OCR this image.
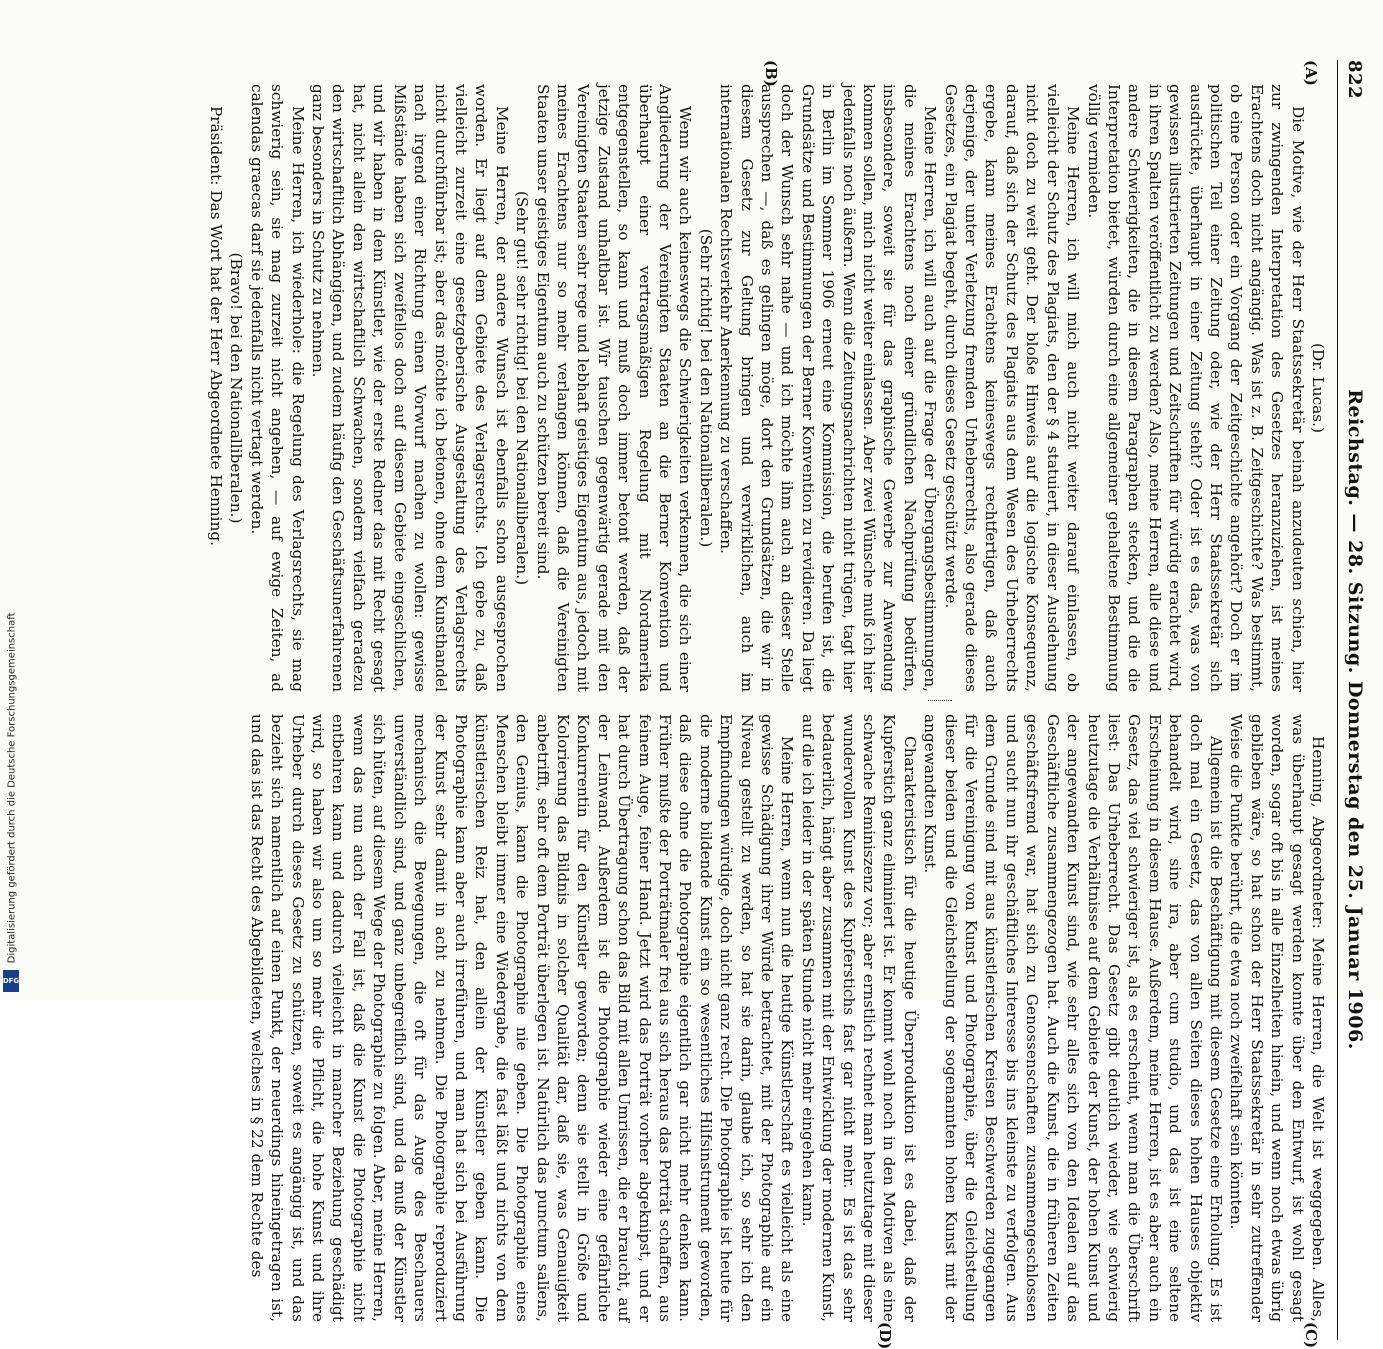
822
Reichstag. — 28. Sitzung. Donnerstag den 25. Januar 1906.
(A)
(B)
(C)
(D)

(Dr. Lucas.)

Die Motive, wie der Herr Staatssekretär beinah anzudeuten schien, hier zur zwingenden Interpretation des Gesetzes heranzuziehen, ist meines Erachtens doch nicht angängig. Was ist z. B. Zeitgeschichte? Was bestimmt, ob eine Person oder ein Vorgang der Zeitgeschichte angehört? Doch er im politischen Teil einer Zeitung oder, wie der Herr Staatssekretär sich ausdrückte, überhaupt in einer Zeitung steht? Oder ist es das, was von gewissen illustrierten Zeitungen und Zeitschriften für würdig erachtet wird, in ihren Spalten veröffentlicht zu werden? Also, meine Herren, alle diese und andere Schwierigkeiten, die in diesem Paragraphen stecken, und die die Interpretation bietet, würden durch eine allgemeiner gehaltene Bestimmung völlig vermieden.

Meine Herren, ich will mich auch nicht weiter darauf einlassen, ob vielleicht der Schutz des Plagiats, den der § 4 statuiert, in dieser Ausdehnung nicht doch zu weit geht. Der bloße Hinweis auf die logische Konsequenz, darauf, daß sich der Schutz des Plagiats aus dem Wesen des Urheberrechts ergebe, kann meines Erachtens keineswegs rechtfertigen, daß auch derjenige, der unter Verletzung fremden Urheberrechts, also gerade dieses Gesetzes, ein Plagiat begeht, durch dieses Gesetz geschützt werde.

Meine Herren, ich will auch auf die Frage der Übergangsbestimmungen, die meines Erachtens noch einer gründlichen Nachprüfung bedürfen, insbesondere, soweit sie für das graphische Gewerbe zur Anwendung kommen sollen, mich nicht weiter einlassen. Aber zwei Wünsche muß ich hier jedenfalls noch äußern. Wenn die Zeitungsnachrichten nicht trügen, tagt hier in Berlin im Sommer 1906 erneut eine Kommission, die berufen ist, die Grundsätze und Bestimmungen der Berner Konvention zu revidieren. Da liegt doch der Wunsch sehr nahe — und ich möchte ihm auch an dieser Stelle aussprechen —, daß es gelingen möge, dort den Grundsätzen, die wir in diesem Gesetz zur Geltung bringen und verwirklichen, auch im internationalen Rechtsverkehr Anerkennung zu verschaffen.

(Sehr richtig! bei den Nationalliberalen.)

Wenn wir auch keineswegs die Schwierigkeiten verkennen, die sich einer Angliederung der Vereinigten Staaten an die Berner Konvention und überhaupt einer vertragsmäßigen Regelung mit Nordamerika entgegenstellen, so kann und muß doch immer betont werden, daß der jetzige Zustand unhaltbar ist. Wir tauschen gegenwärtig gerade mit den Vereinigten Staaten sehr rege und lebhaft geistiges Eigentum aus, jedoch mit meines Erachtens nur so mehr verlangen können, daß die Vereinigten Staaten unser geistiges Eigentum auch zu schützen bereit sind.

(Sehr gut! sehr richtig! bei den Nationalliberalen.)

Meine Herren, der andere Wunsch ist ebenfalls schon ausgesprochen worden. Er liegt auf dem Gebiete des Verlagsrechts. Ich gebe zu, daß vielleicht zurzeit eine gesetzgeberische Ausgestaltung des Verlagsrechts nicht durchführbar ist; aber das möchte ich betonen, ohne dem Kunsthandel nach irgend einer Richtung einen Vorwurf machen zu wollen: gewisse Mißstände haben sich zweifellos doch auf diesem Gebiete eingeschlichen, und wir haben in dem Künstler, wie der erste Redner das mit Recht gesagt hat, nicht allein den wirtschaftlich Schwachen, sondern vielfach geradezu den wirtschaftlich Abhängigen, und zudem häufig den Geschäftsunerfahrenen ganz besonders in Schutz zu nehmen.

Meine Herren, ich wiederhole: die Regelung des Verlagsrechts, sie mag schwierig sein, sie mag zurzeit nicht angehen, — auf ewige Zeiten, ad calendas graecas darf sie jedenfalls nicht vertagt werden.

(Bravo! bei den Nationalliberalen.)

Präsident: Das Wort hat der Herr Abgeordnete Henning.

Henning, Abgeordneter: Meine Herren, die Welt ist weggegeben. Alles, was überhaupt gesagt werden konnte über den Entwurf, ist wohl gesagt worden, sogar oft bis in alle Einzelheiten hinein, und wenn noch etwas übrig geblieben wäre, so hat schon der Herr Staatssekretär in sehr zutreffender Weise die Punkte berührt, die etwa noch zweifelhaft sein könnten.

Allgemein ist die Beschäftigung mit diesem Gesetze eine Erholung. Es ist doch mal ein Gesetz, das von allen Seiten dieses hohen Hauses objektiv behandelt wird, sine ira, aber cum studio, und das ist eine seltene Erscheinung in diesem Hause. Außerdem, meine Herren, ist es aber auch ein Gesetz, das viel schwieriger ist, als es erscheint, wenn man die Überschrift liest: Das Urheberrecht. Das Gesetz gibt deutlich wieder, wie schwierig heutzutage die Verhältnisse auf dem Gebiete der Kunst, der hohen Kunst und der angewandten Kunst sind, wie sehr alles sich von den Idealen auf das Geschäftliche zusammengezogen hat. Auch die Kunst, die in früheren Zeiten geschäftsfremd war, hat sich zu Genossenschaften zusammengeschlossen und sucht nun ihr geschäftliches Interesse bis ins kleinste zu verfolgen. Aus dem Grunde sind mit aus künstlerischen Kreisen Beschwerden zugegangen für die Vereinigung von Kunst und Photographie, über die Gleichstellung dieser beiden und die Gleichstellung der sogenannten hohen Kunst mit der angewandten Kunst.

Charakteristisch für die heutige Überproduktion ist es dabei, daß der Kupferstich ganz eliminiert ist. Er kommt wohl noch in den Motiven als eine schwache Reminiszenz vor; aber ernstlich rechnet man heutzutage mit dieser wundervollen Kunst des Kupferstichs fast gar nicht mehr. Es ist das sehr bedauerlich, hängt aber zusammen mit der Entwicklung der modernen Kunst, auf die ich leider in der späten Stunde nicht mehr eingehen kann.

Meine Herren, wenn nun die heutige Künstlerschaft es vielleicht als eine gewisse Schädigung ihrer Würde betrachtet, mit der Photographie auf ein Niveau gestellt zu werden, so hat sie darin, glaube ich, so sehr ich den Empfindungen würdige, doch nicht ganz recht. Die Photographie ist heute für die moderne bildende Kunst ein so wesentliches Hilfsinstrument geworden, daß diese ohne die Photographie eigentlich gar nicht mehr denken kann. Früher mußte der Porträtmaler frei aus sich heraus das Porträt schaffen, aus feinem Auge, feiner Hand. Jetzt wird das Porträt vorher abgeknipst, und er hat durch Übertragung schon das Bild mit allen Umrissen, die er braucht, auf der Leinwand. Außerdem ist die Photographie wieder eine gefährliche Konkurrentin für den Künstler geworden; denn sie stellt in Größe und Kolorierung das Bildnis in solcher Qualität dar, daß sie, was Genauigkeit anbetrifft, sehr oft dem Porträt überlegen ist. Natürlich das punctum saliens, den Genius, kann die Photographie nie geben. Die Photographie eines Menschen bleibt immer eine Wiedergabe, die fast läßt und nichts von dem künstlerischen Reiz hat, den allein der Künstler geben kann. Die Photographie kann aber auch irreführen, und man hat sich bei Ausführung der Kunst sehr damit in acht zu nehmen. Die Photographie reproduziert mechanisch die Bewegungen, die oft für das Auge des Beschauers unverständlich sind, und ganz unbegreiflich sind, und da muß der Künstler sich hüten, auf diesem Wege der Photographie zu folgen. Aber, meine Herren, wenn das nun auch der Fall ist, daß die Kunst die Photographie nicht entbehren kann und dadurch vielleicht in mancher Beziehung geschädigt wird, so haben wir also um so mehr die Pflicht, die hohe Kunst und ihre Urheber durch dieses Gesetz zu schützen, soweit es angängig ist, und das bezieht sich namentlich auf einen Punkt, der neuerdings hineingetragen ist, und das ist das Recht des Abgebildeten, welches in § 22 dem Rechte des

Digitalisierung gefördert durch die Deutsche Forschungsgemeinschaft
DFG
